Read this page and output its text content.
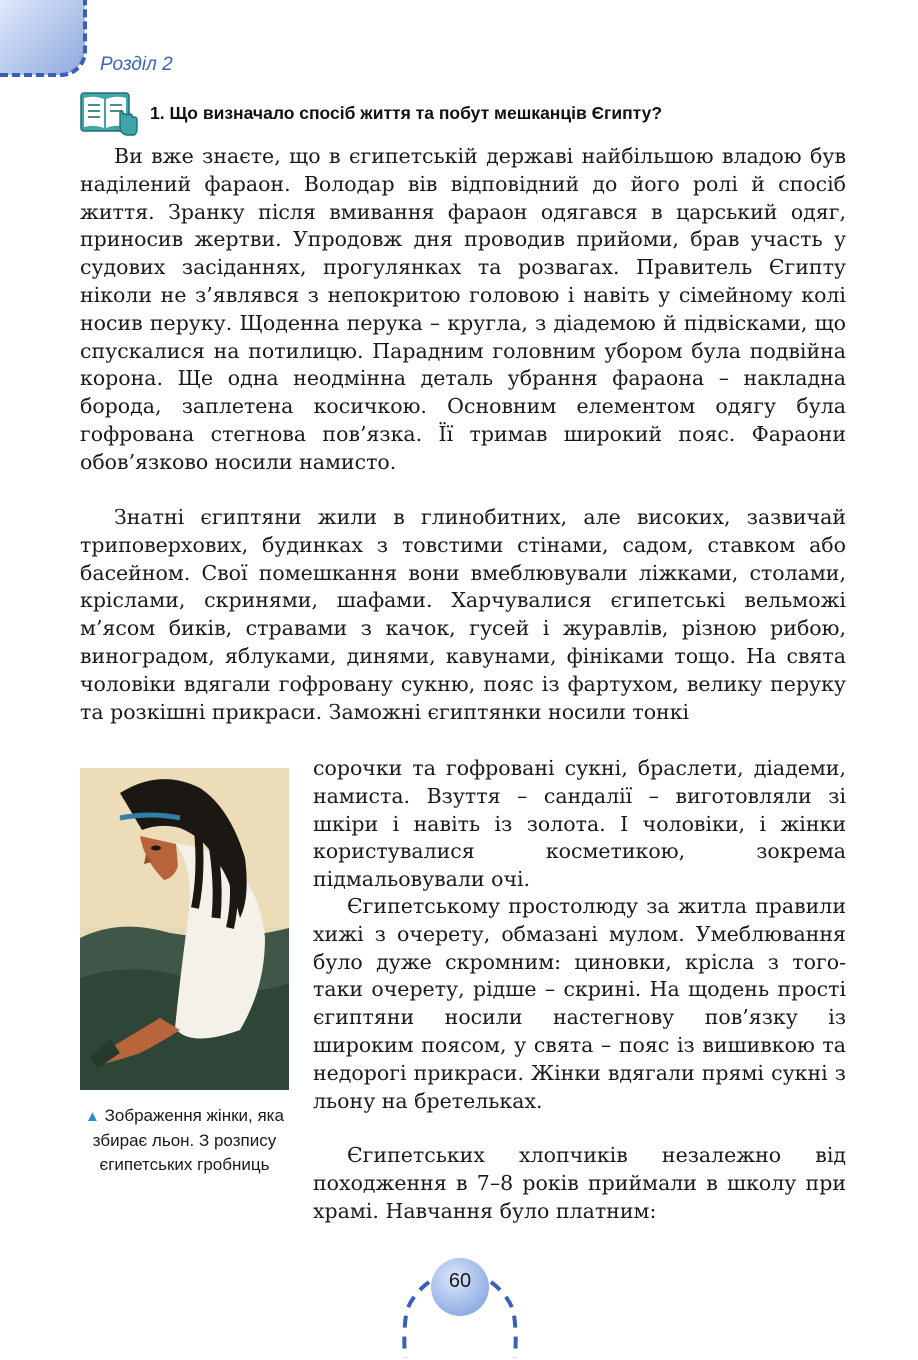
Розділ 2
1. Що визначало спосіб життя та побут мешканців Єгипту?

Ви вже знаєте, що в єгипетській державі найбільшою владою був наділений фараон. Володар вів відповідний до його ролі й спосіб життя. Зранку після вмивання фараон одягався в царський одяг, приносив жертви. Упродовж дня проводив прийоми, брав участь у судових засіданнях, прогулянках та розвагах. Правитель Єгипту ніколи не з’являвся з непокритою головою і навіть у сімейному колі носив перуку. Щоденна перука – кругла, з діадемою й підвісками, що спускалися на потилицю. Парадним головним убором була подвійна корона. Ще одна неодмінна деталь убрання фараона – накладна борода, заплетена косичкою. Основним елементом одягу була гофрована стегнова пов’язка. Її тримав широкий пояс. Фараони обов’язково носили намисто.

Знатні єгиптяни жили в глинобитних, але високих, зазвичай триповерхових, будинках з товстими стінами, садом, ставком або басейном. Свої помешкання вони вмеблювували ліжками, столами, кріслами, скринями, шафами. Харчувалися єгипетські вельможі м’ясом биків, стравами з качок, гусей і журавлів, різною рибою, виноградом, яблуками, динями, кавунами, фініками тощо. На свята чоловіки вдягали гофровану сукню, пояс із фартухом, велику перуку та розкішні прикраси. Заможні єгиптянки носили тонкі

сорочки та гофровані сукні, браслети, діадеми, намиста. Взуття – сандалії – виготовляли зі шкіри і навіть із золота. І чоловіки, і жінки користувалися косметикою, зокрема підмальовували очі.

Єгипетському простолюду за житла правили хижі з очерету, обмазані мулом. Умеблювання було дуже скромним: циновки, крісла з того-таки очерету, рідше – скрині. На щодень прості єгиптяни носили настегнову пов’язку із широким поясом, у свята – пояс із вишивкою та недорогі прикраси. Жінки вдягали прямі сукні з льону на бретельках.

Єгипетських хлопчиків незалежно від походження в 7–8 років приймали в школу при храмі. Навчання було платним:

▲ Зображення жінки, яка збирає льон. З розпису єгипетських гробниць
60
